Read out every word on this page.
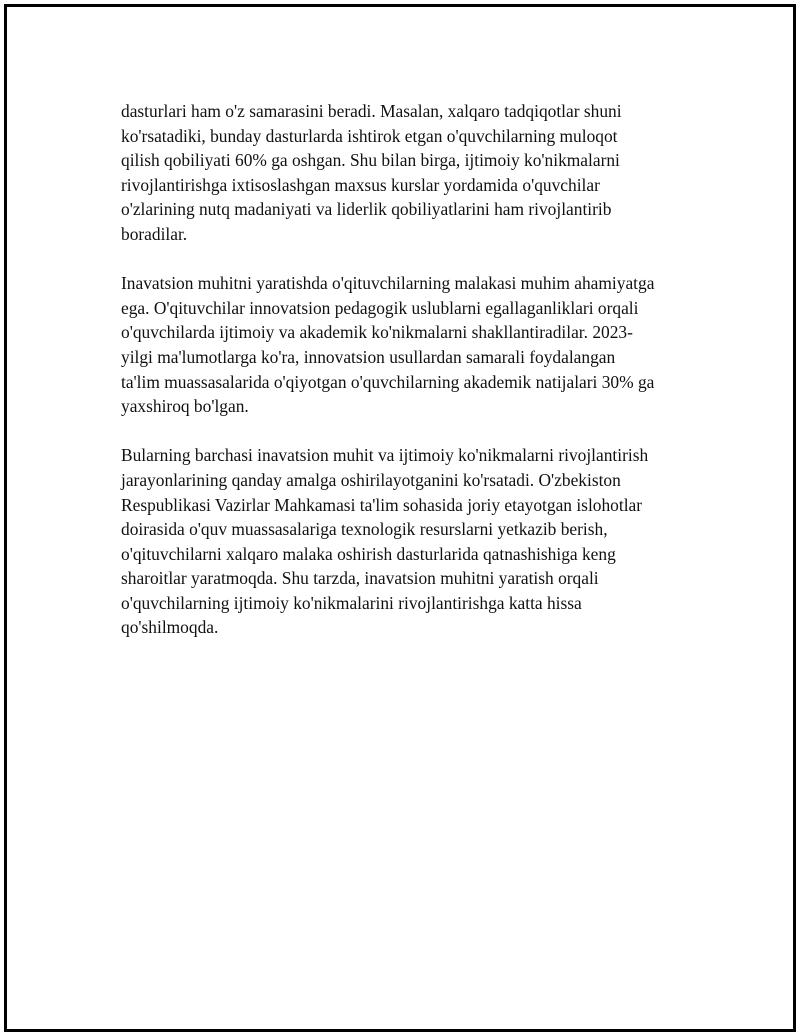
dasturlari ham o'z samarasini beradi. Masalan, xalqaro tadqiqotlar shuni
ko'rsatadiki, bunday dasturlarda ishtirok etgan o'quvchilarning muloqot
qilish qobiliyati 60% ga oshgan. Shu bilan birga, ijtimoiy ko'nikmalarni
rivojlantirishga ixtisoslashgan maxsus kurslar yordamida o'quvchilar
o'zlarining nutq madaniyati va liderlik qobiliyatlarini ham rivojlantirib
boradilar.

Inavatsion muhitni yaratishda o'qituvchilarning malakasi muhim ahamiyatga
ega. O'qituvchilar innovatsion pedagogik uslublarni egallaganliklari orqali
o'quvchilarda ijtimoiy va akademik ko'nikmalarni shakllantiradilar. 2023-
yilgi ma'lumotlarga ko'ra, innovatsion usullardan samarali foydalangan
ta'lim muassasalarida o'qiyotgan o'quvchilarning akademik natijalari 30% ga
yaxshiroq bo'lgan.

Bularning barchasi inavatsion muhit va ijtimoiy ko'nikmalarni rivojlantirish
jarayonlarining qanday amalga oshirilayotganini ko'rsatadi. O'zbekiston
Respublikasi Vazirlar Mahkamasi ta'lim sohasida joriy etayotgan islohotlar
doirasida o'quv muassasalariga texnologik resurslarni yetkazib berish,
o'qituvchilarni xalqaro malaka oshirish dasturlarida qatnashishiga keng
sharoitlar yaratmoqda. Shu tarzda, inavatsion muhitni yaratish orqali
o'quvchilarning ijtimoiy ko'nikmalarini rivojlantirishga katta hissa
qo'shilmoqda.
